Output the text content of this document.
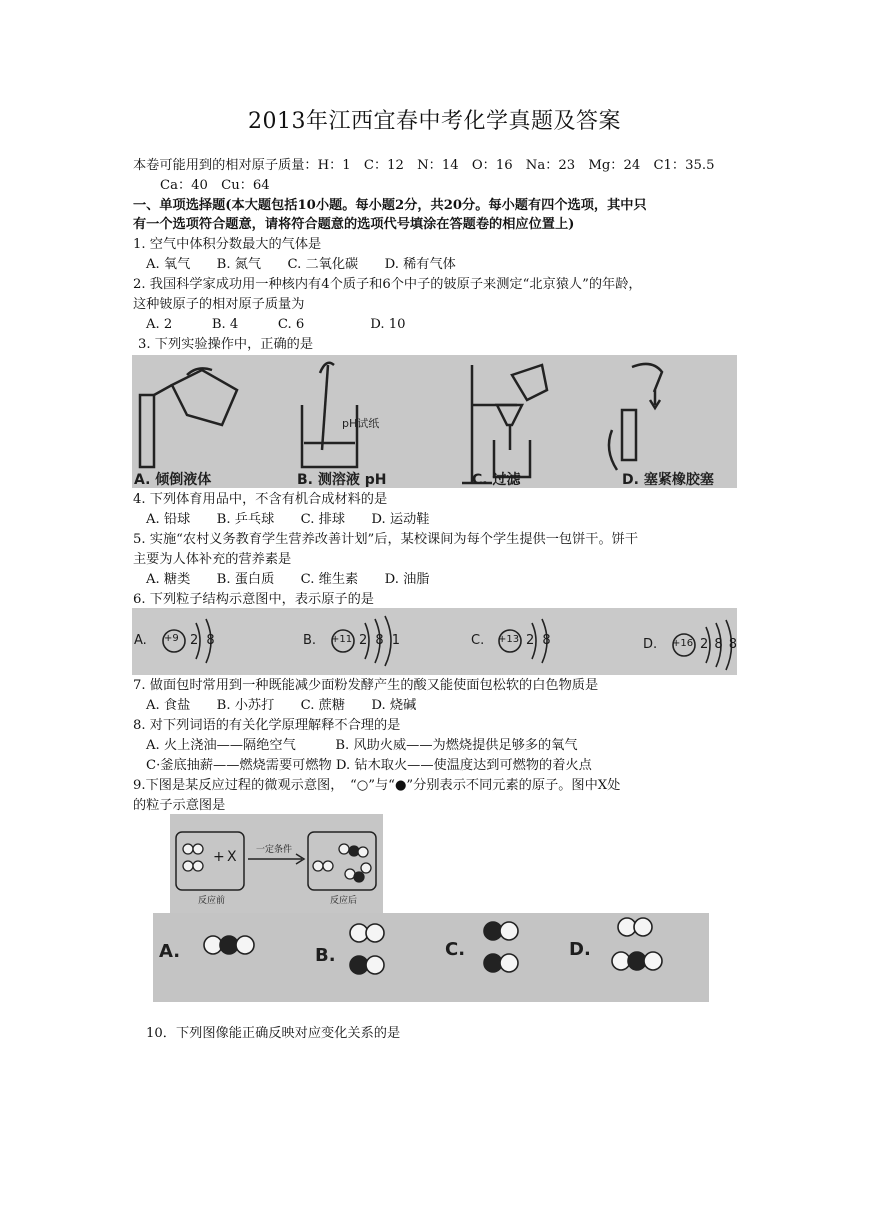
2013年江西宜春中考化学真题及答案
本卷可能用到的相对原子质量：H：1　C：12　N：14　O：16　Na：23　Mg：24　C1：35.5
Ca：40　Cu：64
一、单项选择题(本大题包括10小题。每小题2分，共20分。每小题有四个选项，其中只
有一个选项符合题意，请将符合题意的选项代号填涂在答题卷的相应位置上)
1. 空气中体积分数最大的气体是
A. 氧气　　B. 氮气　　C. 二氧化碳　　D. 稀有气体
2. 我国科学家成功用一种核内有4个质子和6个中子的铍原子来测定“北京猿人”的年龄，
这种铍原子的相对原子质量为
A. 2　　　B. 4　　　C. 6　　　　　D. 10
3. 下列实验操作中，正确的是
pH试纸
A. 倾倒液体	B. 测溶液 pH	C. 过滤	D. 塞紧橡胶塞
4. 下列体育用品中，不含有机合成材料的是
A. 铅球　　B. 乒乓球　　C. 排球　　D. 运动鞋
5. 实施“农村义务教育学生营养改善计划”后，某校课间为每个学生提供一包饼干。饼干
主要为人体补充的营养素是
A. 糖类　　B. 蛋白质　　C. 维生素　　D. 油脂
6. 下列粒子结构示意图中，表示原子的是
A. +9 2 8	B. +11 2 8 1	C. +13 2 8	D. +16 2 8 8
7. 做面包时常用到一种既能减少面粉发酵产生的酸又能使面包松软的白色物质是
A. 食盐　　B. 小苏打　　C. 蔗糖　　D. 烧碱
8. 对下列词语的有关化学原理解释不合理的是
A. 火上浇油——隔绝空气　　　B. 风助火威——为燃烧提供足够多的氧气
C·釜底抽薪——燃烧需要可燃物 D. 钻木取火——使温度达到可燃物的着火点
9.下图是某反应过程的微观示意图，　“○”与“●”分别表示不同元素的原子。图中X处
的粒子示意图是
+ X 一定条件
反应前	反应后
A.	B.	C.	D.
10．下列图像能正确反映对应变化关系的是
